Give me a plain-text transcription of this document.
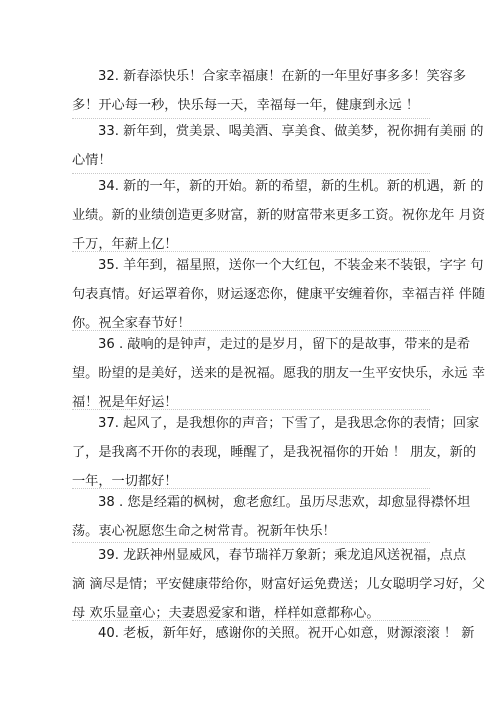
32. 新春添快乐！合家幸福康！在新的一年里好事多多！笑容多
多！开心每一秒，快乐每一天，幸福每一年，健康到永远 ！
33. 新年到，赏美景、喝美酒、享美食、做美梦，祝你拥有美丽 的
心情！
34. 新的一年，新的开始。新的希望，新的生机。新的机遇，新 的
业绩。新的业绩创造更多财富，新的财富带来更多工资。祝你龙年 月资
千万，年薪上亿！
35. 羊年到，福星照，送你一个大红包，不装金来不装银，字字 句
句表真情。好运罩着你，财运逐恋你，健康平安缠着你，幸福吉祥 伴随
你。祝全家春节好！
36 . 敲响的是钟声，走过的是岁月，留下的是故事，带来的是希
望。盼望的是美好，送来的是祝福。愿我的朋友一生平安快乐，永远 幸
福！祝是年好运！
37. 起风了，是我想你的声音；下雪了，是我思念你的表情；回家
了，是我离不开你的表现，睡醒了，是我祝福你的开始 ！ 朋友，新的
一年，一切都好！
38 . 您是经霜的枫树，愈老愈红。虽历尽悲欢，却愈显得襟怀坦
荡。衷心祝愿您生命之树常青。祝新年快乐！
39. 龙跃神州显威风，春节瑞祥万象新；乘龙追风送祝福，点点
滴 滴尽是情；平安健康带给你，财富好运免费送；儿女聪明学习好，父
母 欢乐显童心；夫妻恩爱家和谐，样样如意都称心。
40. 老板，新年好，感谢你的关照。祝开心如意，财源滚滚 ！ 新
